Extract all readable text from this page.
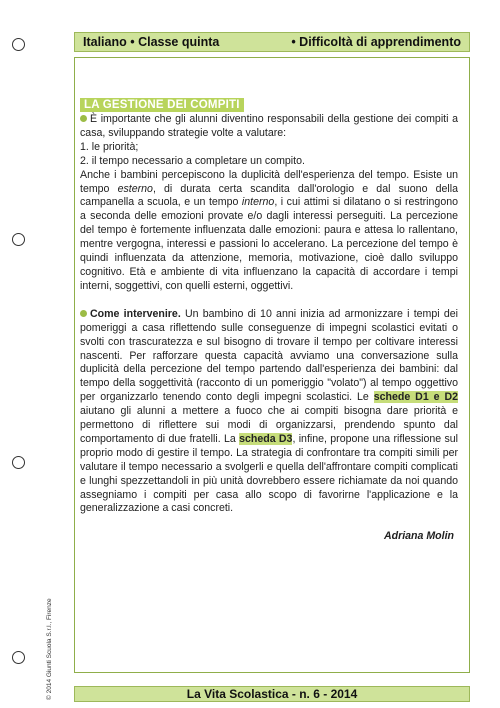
Italiano • Classe quinta	• Difficoltà di apprendimento
LA GESTIONE DEI COMPITI

È importante che gli alunni diventino responsabili della gestione dei compiti a casa, sviluppando strategie volte a valutare:

1. le priorità;

2. il tempo necessario a completare un compito.

Anche i bambini percepiscono la duplicità dell'esperienza del tempo. Esiste un tempo esterno, di durata certa scandita dall'orologio e dal suono della campanella a scuola, e un tempo interno, i cui attimi si dilatano o si restringono a seconda delle emozioni provate e/o dagli interessi perseguiti. La percezione del tempo è fortemente influenzata dalle emozioni: paura e attesa lo rallentano, mentre vergogna, interessi e passioni lo accelerano. La percezione del tempo è quindi influenzata da attenzione, memoria, motivazione, cioè dallo sviluppo cognitivo. Età e ambiente di vita influenzano la capacità di accordare i tempi interni, soggettivi, con quelli esterni, oggettivi.

Come intervenire. Un bambino di 10 anni inizia ad armonizzare i tempi dei pomeriggi a casa riflettendo sulle conseguenze di impegni scolastici evitati o svolti con trascuratezza e sul bisogno di trovare il tempo per coltivare interessi nascenti. Per rafforzare questa capacità avviamo una conversazione sulla duplicità della percezione del tempo partendo dall'esperienza dei bambini: dal tempo della soggettività (racconto di un pomeriggio "volato") al tempo oggettivo per organizzarlo tenendo conto degli impegni scolastici. Le schede D1 e D2 aiutano gli alunni a mettere a fuoco che ai compiti bisogna dare priorità e permettono di riflettere sui modi di organizzarsi, prendendo spunto dal comportamento di due fratelli. La scheda D3, infine, propone una riflessione sul proprio modo di gestire il tempo. La strategia di confrontare tra compiti simili per valutare il tempo necessario a svolgerli e quella dell'affrontare compiti complicati e lunghi spezzettandoli in più unità dovrebbero essere richiamate da noi quando assegniamo i compiti per casa allo scopo di favorirne l'applicazione e la generalizzazione a casi concreti.

Adriana Molin
© 2014 Giunti Scuola S.r.l., Firenze	La Vita Scolastica - n. 6 - 2014
